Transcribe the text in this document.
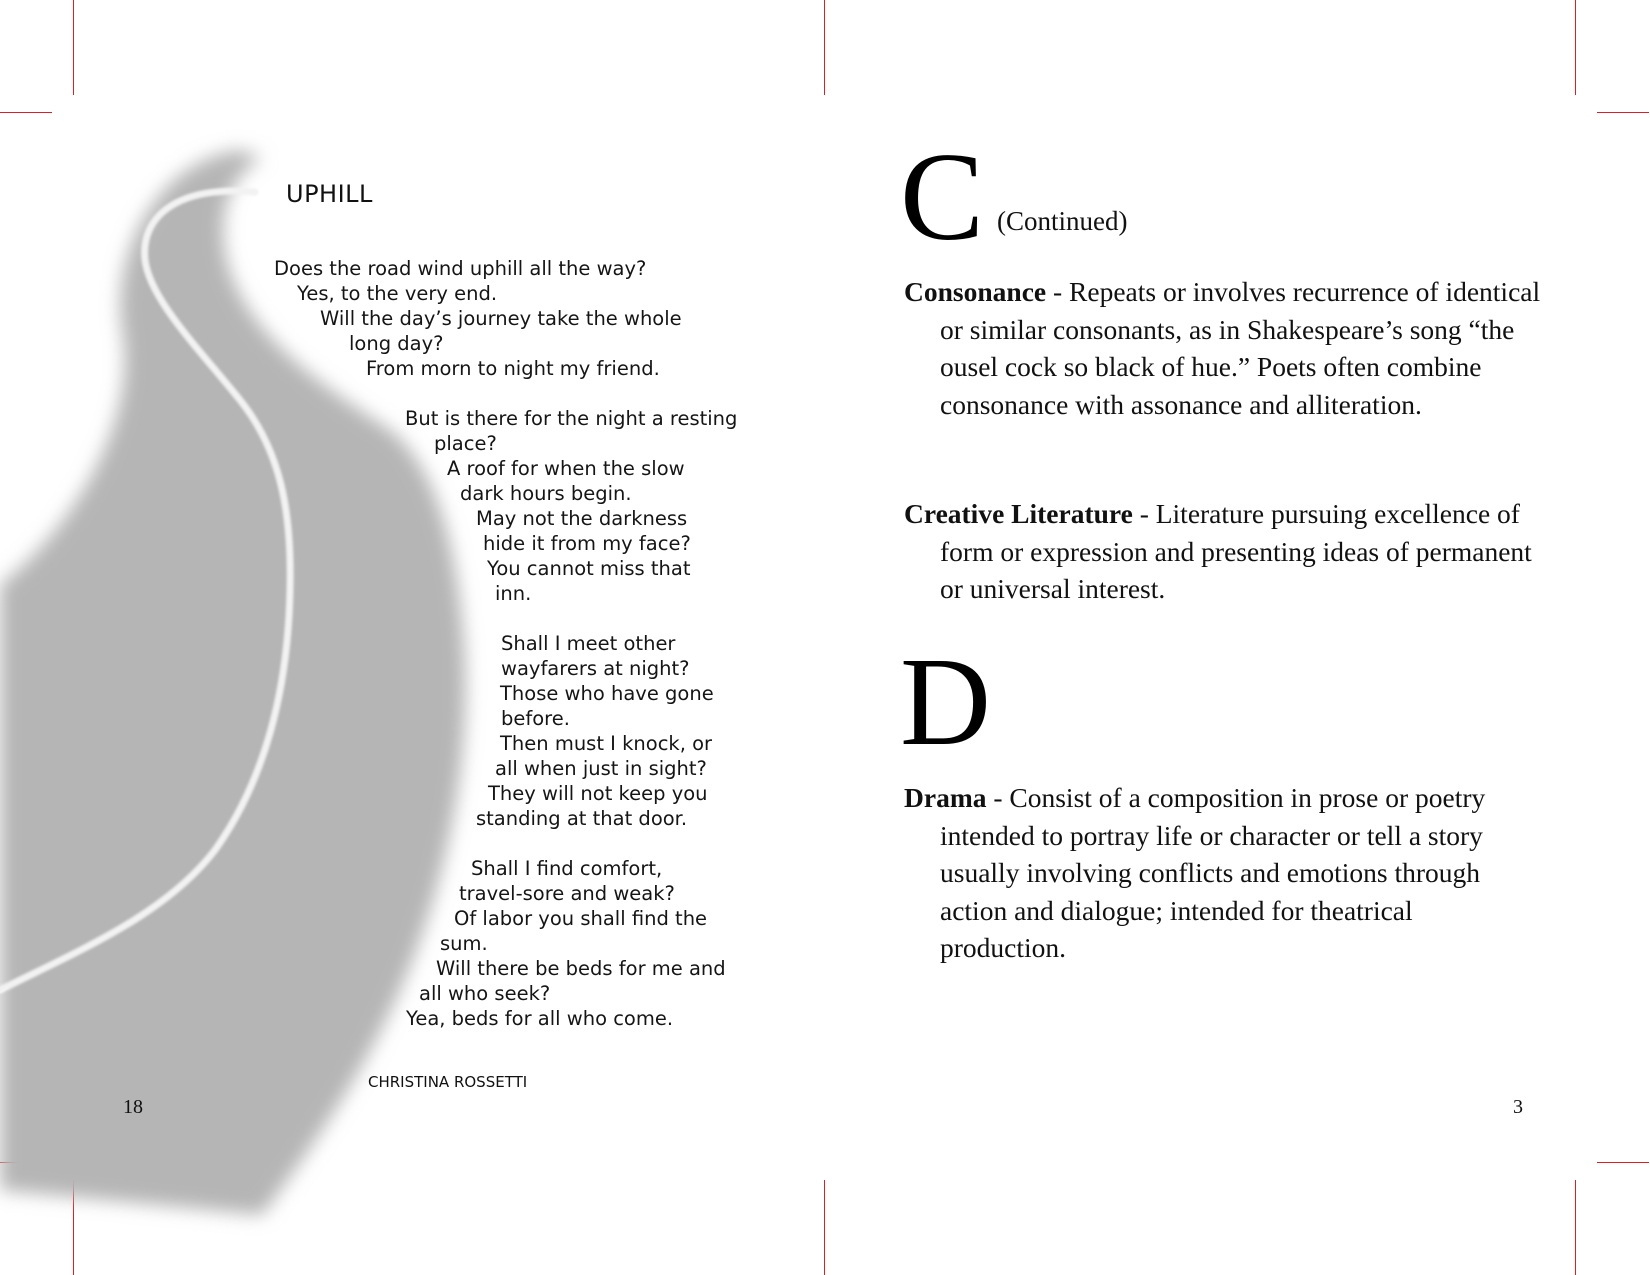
UPHILL
Does the road wind uphill all the way?
Yes, to the very end.
Will the day’s journey take the whole
long day?
From morn to night my friend.
But is there for the night a resting
place?
A roof for when the slow
dark hours begin.
May not the darkness
hide it from my face?
You cannot miss that
inn.
Shall I meet other
wayfarers at night?
Those who have gone
before.
Then must I knock, or
all when just in sight?
They will not keep you
standing at that door.
Shall I find comfort,
travel-sore and weak?
Of labor you shall find the
sum.
Will there be beds for me and
all who seek?
Yea, beds for all who come.
CHRISTINA ROSSETTI
18
C (Continued)

Consonance - Repeats or involves recurrence of identical or similar consonants, as in Shakespeare’s song “the ousel cock so black of hue.” Poets often combine consonance with assonance and alliteration.

Creative Literature - Literature pursuing excellence of form or expression and presenting ideas of permanent or universal interest.

D

Drama - Consist of a composition in prose or poetry intended to portray life or character or tell a story usually involving conflicts and emotions through action and dialogue; intended for theatrical production.

3
